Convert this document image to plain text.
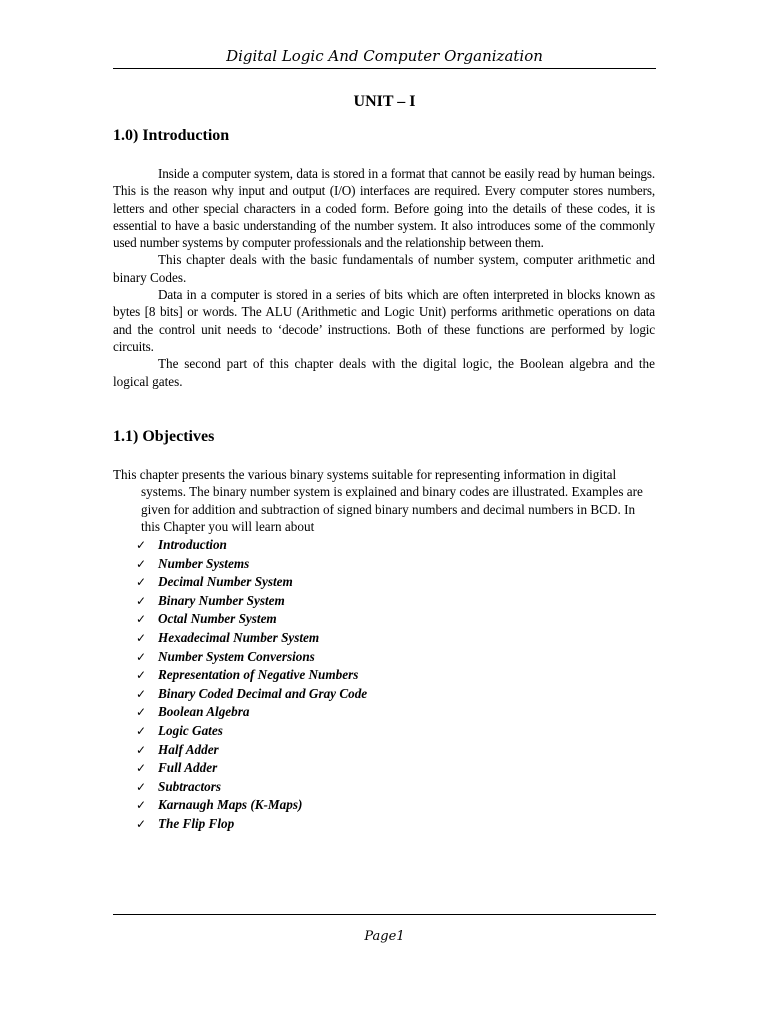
Digital Logic And Computer Organization

UNIT – I
1.0) Introduction

Inside a computer system, data is stored in a format that cannot be easily read by human beings. This is the reason why input and output (I/O) interfaces are required. Every computer stores numbers, letters and other special characters in a coded form. Before going into the details of these codes, it is essential to have a basic understanding of the number system. It also introduces some of the commonly used number systems by computer professionals and the relationship between them.

This chapter deals with the basic fundamentals of number system, computer arithmetic and binary Codes.

Data in a computer is stored in a series of bits which are often interpreted in blocks known as bytes [8 bits] or words. The ALU (Arithmetic and Logic Unit) performs arithmetic operations on data and the control unit needs to ‘decode’ instructions. Both of these functions are performed by logic circuits.

The second part of this chapter deals with the digital logic, the Boolean algebra and the logical gates.

1.1) Objectives

This chapter presents the various binary systems suitable for representing information in digital systems. The binary number system is explained and binary codes are illustrated. Examples are given for addition and subtraction of signed binary numbers and decimal numbers in BCD. In this Chapter you will learn about

✓ Introduction
✓ Number Systems
✓ Decimal Number System
✓ Binary Number System
✓ Octal Number System
✓ Hexadecimal Number System
✓ Number System Conversions
✓ Representation of Negative Numbers
✓ Binary Coded Decimal and Gray Code
✓ Boolean Algebra
✓ Logic Gates
✓ Half Adder
✓ Full Adder
✓ Subtractors
✓ Karnaugh Maps (K-Maps)
✓ The Flip Flop

Page1
